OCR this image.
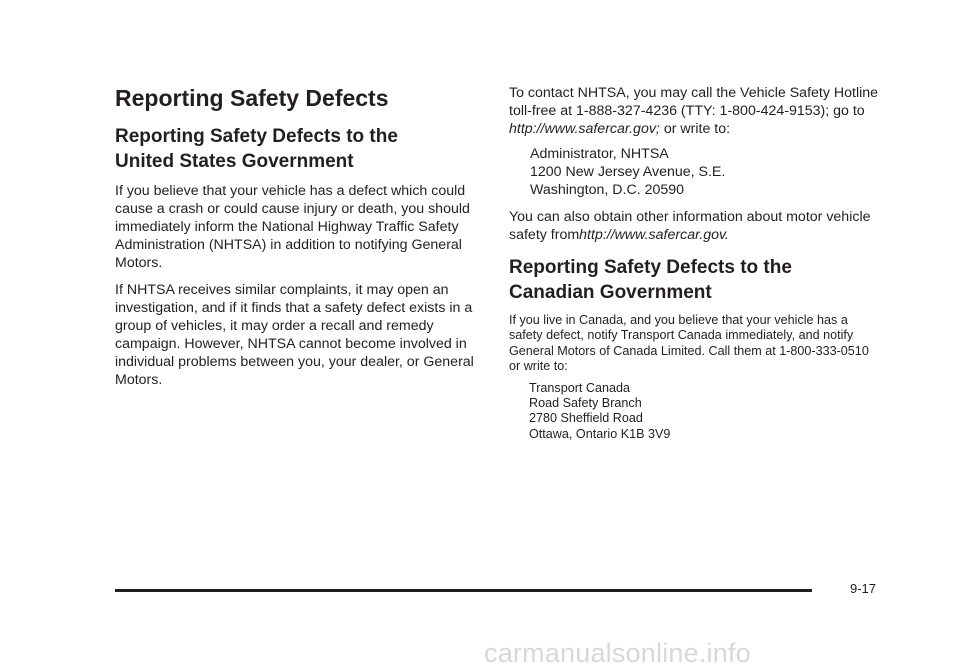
Reporting Safety Defects
Reporting Safety Defects to the
United States Government

If you believe that your vehicle has a defect which could cause a crash or could cause injury or death, you should immediately inform the National Highway Traffic Safety Administration (NHTSA) in addition to notifying General Motors.

If NHTSA receives similar complaints, it may open an investigation, and if it finds that a safety defect exists in a group of vehicles, it may order a recall and remedy campaign. However, NHTSA cannot become involved in individual problems between you, your dealer, or General Motors.

To contact NHTSA, you may call the Vehicle Safety Hotline toll-free at 1-888-327-4236 (TTY: 1-800-424-9153); go to http://www.safercar.gov; or write to:

Administrator, NHTSA
1200 New Jersey Avenue, S.E.
Washington, D.C. 20590

You can also obtain other information about motor vehicle safety fromhttp://www.safercar.gov.

Reporting Safety Defects to the
Canadian Government

If you live in Canada, and you believe that your vehicle has a safety defect, notify Transport Canada immediately, and notify General Motors of Canada Limited. Call them at 1-800-333-0510 or write to:

Transport Canada
Road Safety Branch
2780 Sheffield Road
Ottawa, Ontario K1B 3V9
9-17
carmanualsonline.info
